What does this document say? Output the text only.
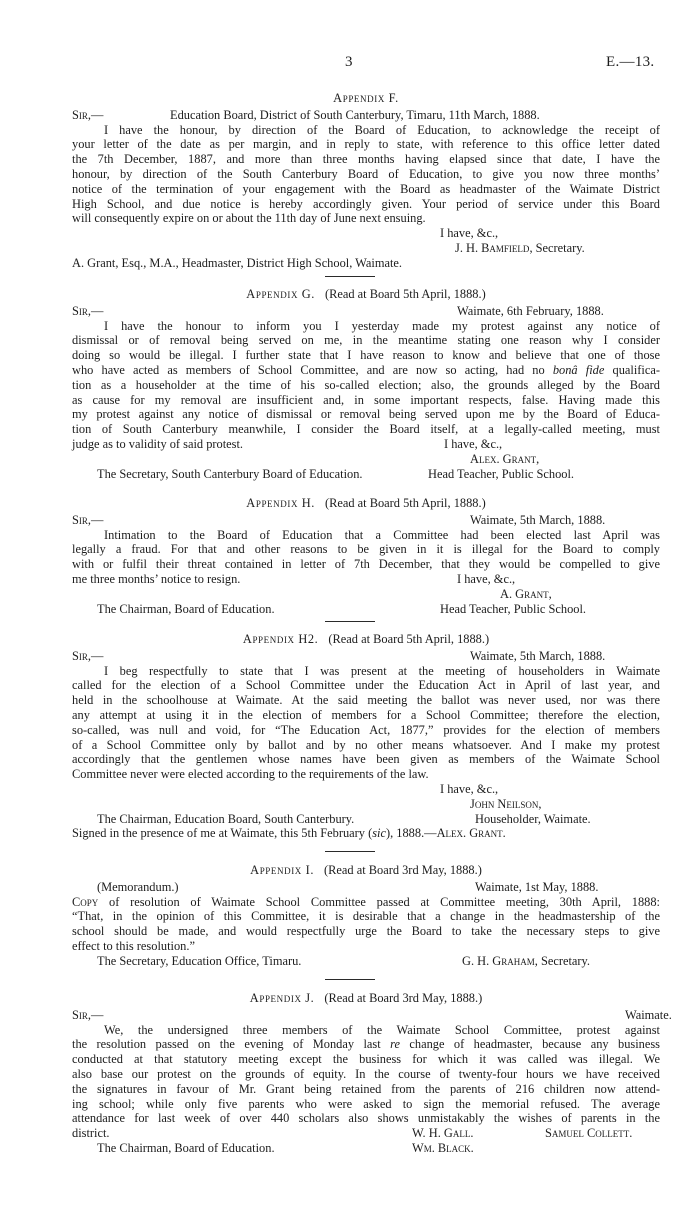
3	E.—13.
Appendix F.
Sir,—	Education Board, District of South Canterbury, Timaru, 11th March, 1888.
I have the honour, by direction of the Board of Education, to acknowledge the receipt of
your letter of the date as per margin, and in reply to state, with reference to this office letter dated
the 7th December, 1887, and more than three months having elapsed since that date, I have the
honour, by direction of the South Canterbury Board of Education, to give you now three months’
notice of the termination of your engagement with the Board as headmaster of the Waimate District
High School, and due notice is hereby accordingly given. Your period of service under this Board
will consequently expire on or about the 11th day of June next ensuing.
I have, &c.,
J. H. Bamfield, Secretary.
A. Grant, Esq., M.A., Headmaster, District High School, Waimate.
Appendix G. (Read at Board 5th April, 1888.)
Sir,—	Waimate, 6th February, 1888.
I have the honour to inform you I yesterday made my protest against any notice of
dismissal or of removal being served on me, in the meantime stating one reason why I consider
doing so would be illegal. I further state that I have reason to know and believe that one of those
who have acted as members of School Committee, and are now so acting, had no bonâ fide qualifica-
tion as a householder at the time of his so-called election; also, the grounds alleged by the Board
as cause for my removal are insufficient and, in some important respects, false. Having made this
my protest against any notice of dismissal or removal being served upon me by the Board of Educa-
tion of South Canterbury meanwhile, I consider the Board itself, at a legally-called meeting, must
judge as to validity of said protest.	I have, &c.,
Alex. Grant,
The Secretary, South Canterbury Board of Education.	Head Teacher, Public School.
Appendix H. (Read at Board 5th April, 1888.)
Sir,—	Waimate, 5th March, 1888.
Intimation to the Board of Education that a Committee had been elected last April was
legally a fraud. For that and other reasons to be given in it is illegal for the Board to comply
with or fulfil their threat contained in letter of 7th December, that they would be compelled to give
me three months’ notice to resign.	I have, &c.,
A. Grant,
The Chairman, Board of Education.	Head Teacher, Public School.
Appendix H2. (Read at Board 5th April, 1888.)
Sir,—	Waimate, 5th March, 1888.
I beg respectfully to state that I was present at the meeting of householders in Waimate
called for the election of a School Committee under the Education Act in April of last year, and
held in the schoolhouse at Waimate. At the said meeting the ballot was never used, nor was there
any attempt at using it in the election of members for a School Committee; therefore the election,
so-called, was null and void, for “The Education Act, 1877,” provides for the election of members
of a School Committee only by ballot and by no other means whatsoever. And I make my protest
accordingly that the gentlemen whose names have been given as members of the Waimate School
Committee never were elected according to the requirements of the law.
I have, &c.,
John Neilson,
The Chairman, Education Board, South Canterbury.	Householder, Waimate.
Signed in the presence of me at Waimate, this 5th February (sic), 1888.—Alex. Grant.
Appendix I. (Read at Board 3rd May, 1888.)
(Memorandum.)	Waimate, 1st May, 1888.
Copy of resolution of Waimate School Committee passed at Committee meeting, 30th April, 1888:
“That, in the opinion of this Committee, it is desirable that a change in the headmastership of the
school should be made, and would respectfully urge the Board to take the necessary steps to give
effect to this resolution.”
The Secretary, Education Office, Timaru.	G. H. Graham, Secretary.
Appendix J. (Read at Board 3rd May, 1888.)
Sir,—	Waimate.
We, the undersigned three members of the Waimate School Committee, protest against
the resolution passed on the evening of Monday last re change of headmaster, because any business
conducted at that statutory meeting except the business for which it was called was illegal. We
also base our protest on the grounds of equity. In the course of twenty-four hours we have received
the signatures in favour of Mr. Grant being retained from the parents of 216 children now attend-
ing school; while only five parents who were asked to sign the memorial refused. The average
attendance for last week of over 440 scholars also shows unmistakably the wishes of parents in the
district.	W. H. Gall.	Samuel Collett.
The Chairman, Board of Education.	Wm. Black.
